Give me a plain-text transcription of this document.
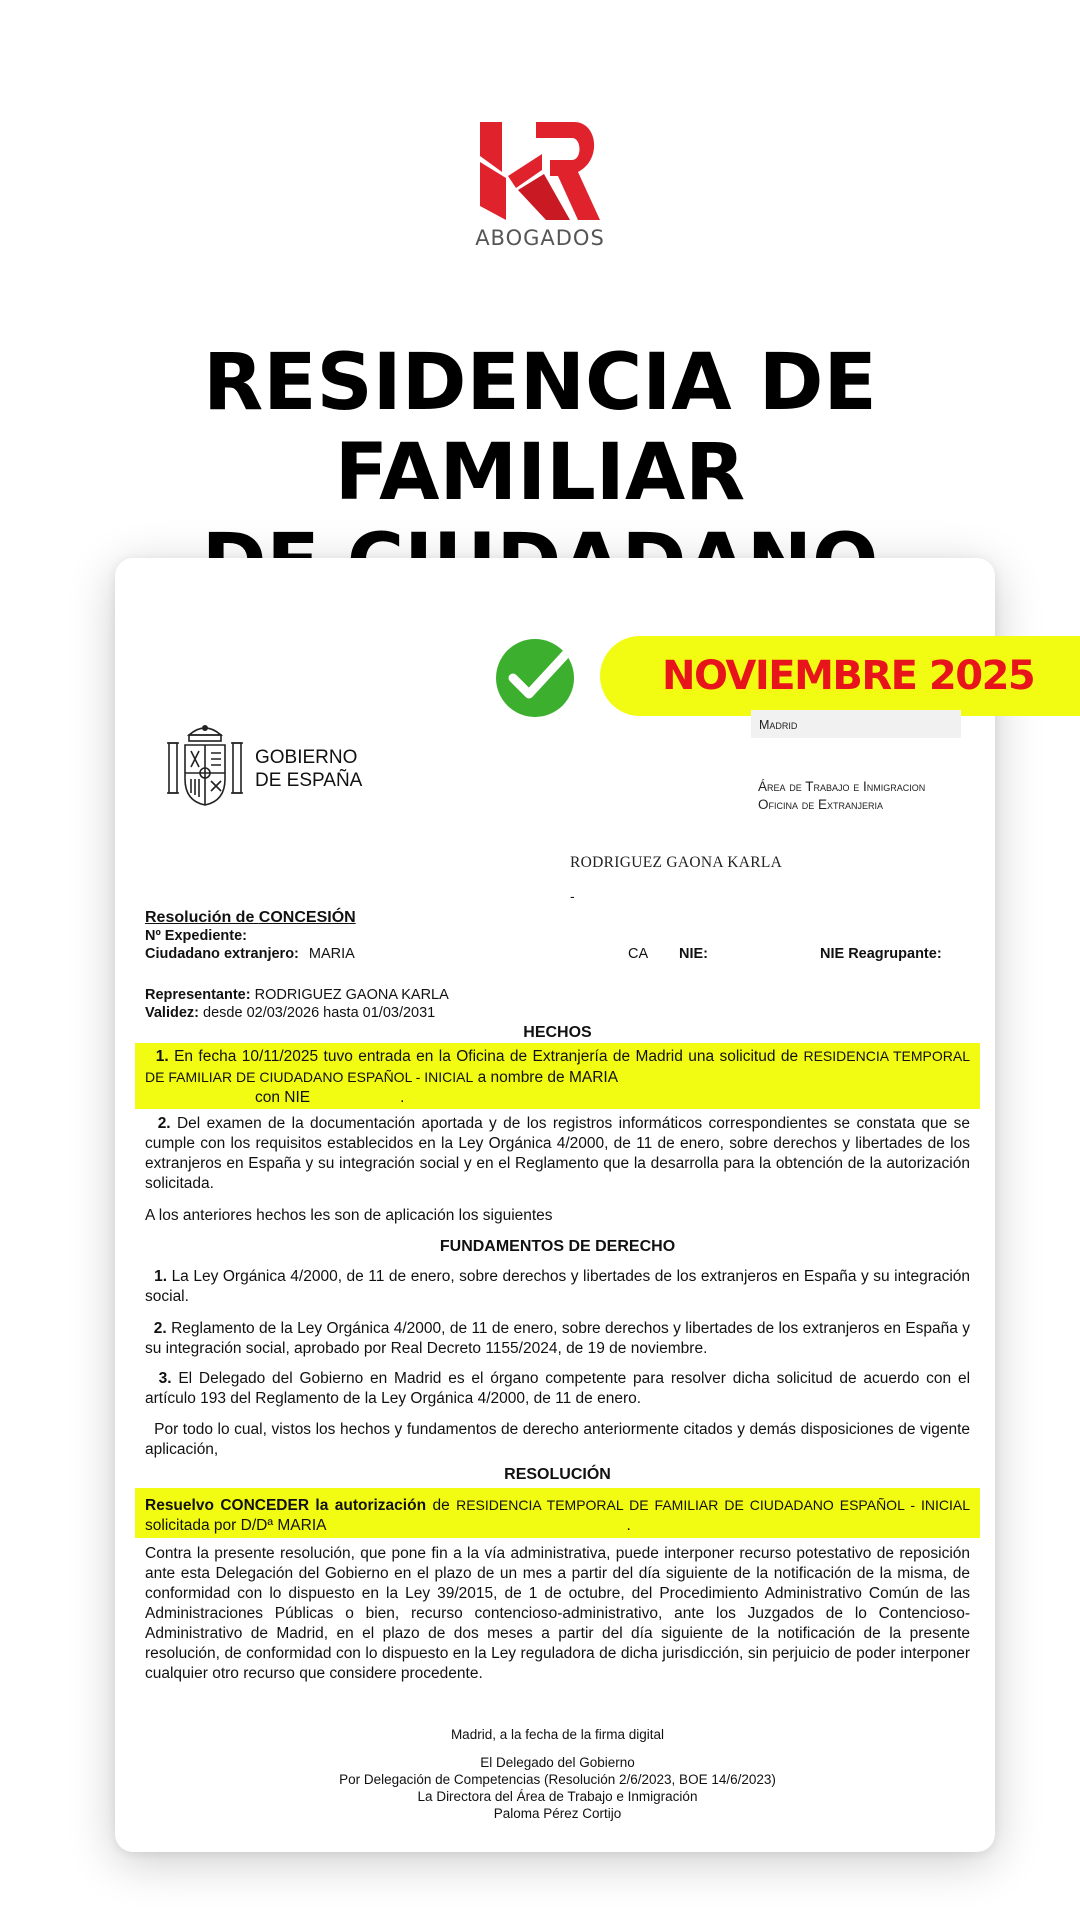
ABOGADOS
RESIDENCIA DE FAMILIAR
NOVIEMBRE 2025
Madrid
GOBIERNO
DE ESPAÑA	Área de Trabajo e Inmigracion
Oficina de Extranjeria
RODRIGUEZ GAONA KARLA
-
Resolución de CONCESIÓN
Nº Expediente:
Ciudadano extranjero: MARIA	CA NIE:	NIE Reagrupante:
Representante: RODRIGUEZ GAONA KARLA
Validez: desde 02/03/2026 hasta 01/03/2031
HECHOS
1. En fecha 10/11/2025 tuvo entrada en la Oficina de Extranjería de Madrid una solicitud de RESIDENCIA TEMPORAL DE FAMILIAR DE CIUDADANO ESPAÑOL - INICIAL a nombre de MARIA
con NIE	.
2. Del examen de la documentación aportada y de los registros informáticos correspondientes se constata que se cumple con los requisitos establecidos en la Ley Orgánica 4/2000, de 11 de enero, sobre derechos y libertades de los extranjeros en España y su integración social y en el Reglamento que la desarrolla para la obtención de la autorización solicitada.
A los anteriores hechos les son de aplicación los siguientes
FUNDAMENTOS DE DERECHO
1. La Ley Orgánica 4/2000, de 11 de enero, sobre derechos y libertades de los extranjeros en España y su integración social.
2. Reglamento de la Ley Orgánica 4/2000, de 11 de enero, sobre derechos y libertades de los extranjeros en España y su integración social, aprobado por Real Decreto 1155/2024, de 19 de noviembre.
3. El Delegado del Gobierno en Madrid es el órgano competente para resolver dicha solicitud de acuerdo con el artículo 193 del Reglamento de la Ley Orgánica 4/2000, de 11 de enero.
Por todo lo cual, vistos los hechos y fundamentos de derecho anteriormente citados y demás disposiciones de vigente aplicación,
RESOLUCIÓN
Resuelvo CONCEDER la autorización de RESIDENCIA TEMPORAL DE FAMILIAR DE CIUDADANO ESPAÑOL - INICIAL solicitada por D/Dª MARIA	.
Contra la presente resolución, que pone fin a la vía administrativa, puede interponer recurso potestativo de reposición ante esta Delegación del Gobierno en el plazo de un mes a partir del día siguiente de la notificación de la misma, de conformidad con lo dispuesto en la Ley 39/2015, de 1 de octubre, del Procedimiento Administrativo Común de las Administraciones Públicas o bien, recurso contencioso-administrativo, ante los Juzgados de lo Contencioso-Administrativo de Madrid, en el plazo de dos meses a partir del día siguiente de la notificación de la presente resolución, de conformidad con lo dispuesto en la Ley reguladora de dicha jurisdicción, sin perjuicio de poder interponer cualquier otro recurso que considere procedente.
Madrid, a la fecha de la firma digital
El Delegado del Gobierno
Por Delegación de Competencias (Resolución 2/6/2023, BOE 14/6/2023)
La Directora del Área de Trabajo e Inmigración
Paloma Pérez Cortijo
